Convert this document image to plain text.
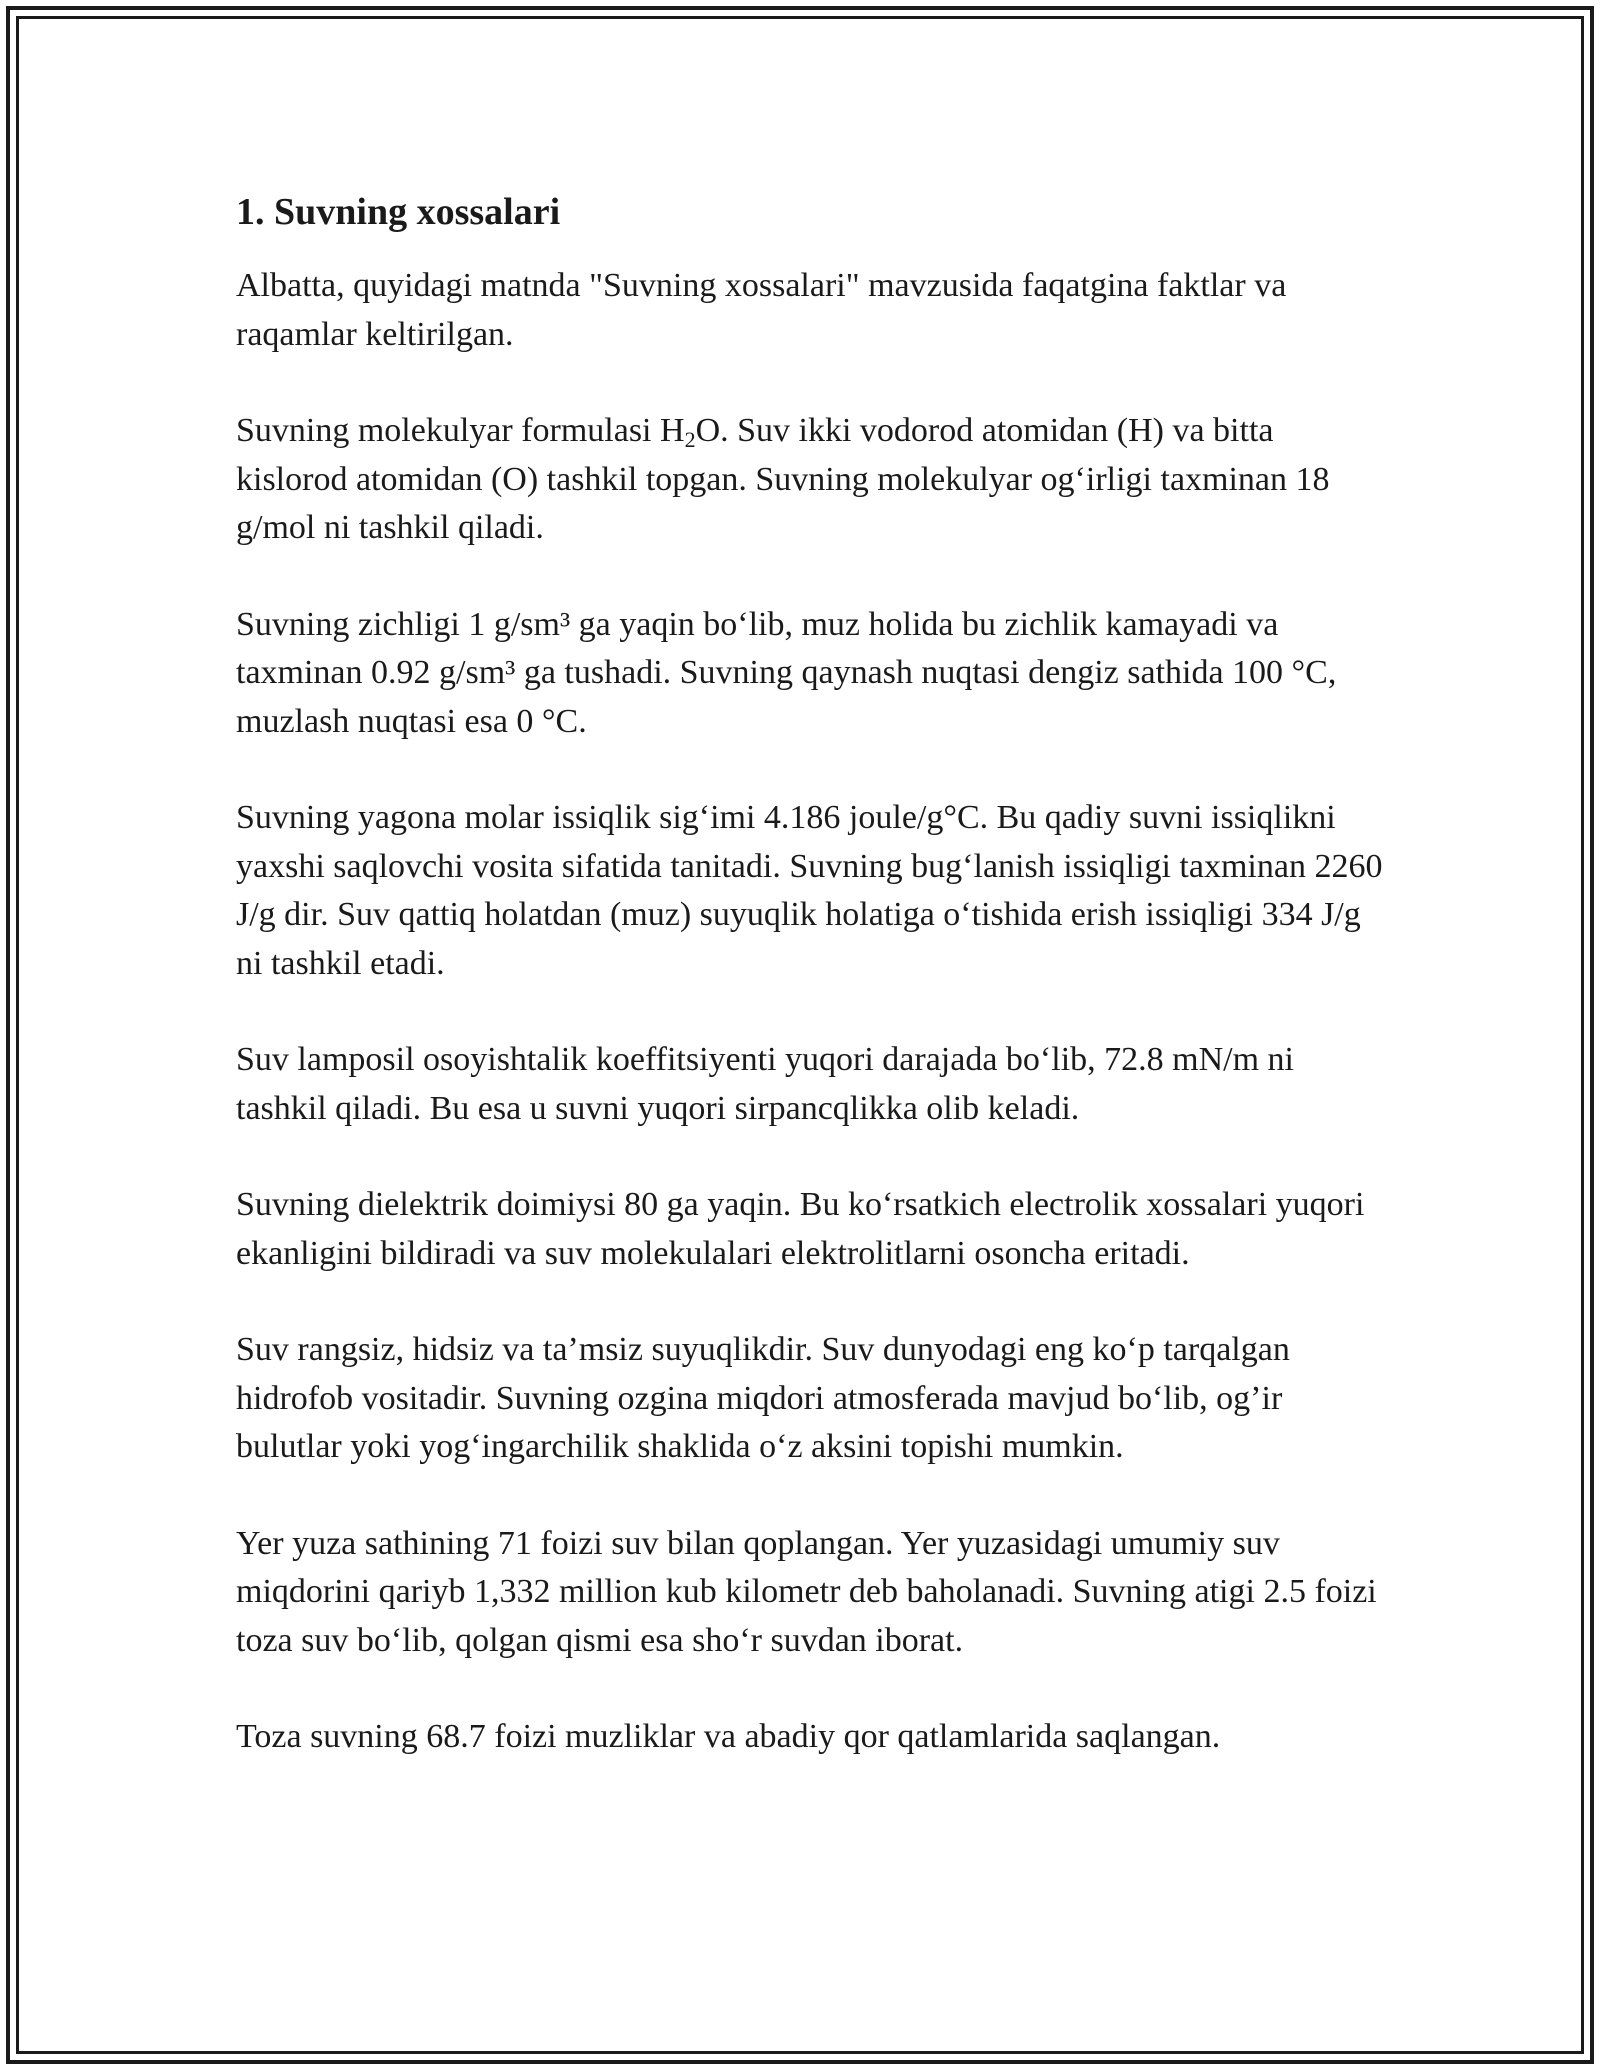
1. Suvning xossalari

Albatta, quyidagi matnda "Suvning xossalari" mavzusida faqatgina faktlar va raqamlar keltirilgan.

Suvning molekulyar formulasi $H_2O$. Suv ikki vodorod atomidan (H) va bitta kislorod atomidan (O) tashkil topgan. Suvning molekulyar og‘irligi taxminan 18 g/mol ni tashkil qiladi.

Suvning zichligi 1 g/sm³ ga yaqin bo‘lib, muz holida bu zichlik kamayadi va taxminan 0.92 g/sm³ ga tushadi. Suvning qaynash nuqtasi dengiz sathida 100 °C, muzlash nuqtasi esa 0 °C.

Suvning yagona molar issiqlik sig‘imi 4.186 joule/g°C. Bu qadiy suvni issiqlikni yaxshi saqlovchi vosita sifatida tanitadi. Suvning bug‘lanish issiqligi taxminan 2260 J/g dir. Suv qattiq holatdan (muz) suyuqlik holatiga o‘tishida erish issiqligi 334 J/g ni tashkil etadi.

Suv lamposil osoyishtalik koeffitsiyenti yuqori darajada bo‘lib, 72.8 mN/m ni tashkil qiladi. Bu esa u suvni yuqori sirpancqlikka olib keladi.

Suvning dielektrik doimiysi 80 ga yaqin. Bu ko‘rsatkich electrolik xossalari yuqori ekanligini bildiradi va suv molekulalari elektrolitlarni osoncha eritadi.

Suv rangsiz, hidsiz va ta’msiz suyuqlikdir. Suv dunyodagi eng ko‘p tarqalgan hidrofob vositadir. Suvning ozgina miqdori atmosferada mavjud bo‘lib, og’ir bulutlar yoki yog‘ingarchilik shaklida o‘z aksini topishi mumkin.

Yer yuza sathining 71 foizi suv bilan qoplangan. Yer yuzasidagi umumiy suv miqdorini qariyb 1,332 million kub kilometr deb baholanadi. Suvning atigi 2.5 foizi toza suv bo‘lib, qolgan qismi esa sho‘r suvdan iborat.

Toza suvning 68.7 foizi muzliklar va abadiy qor qatlamlarida saqlangan.
